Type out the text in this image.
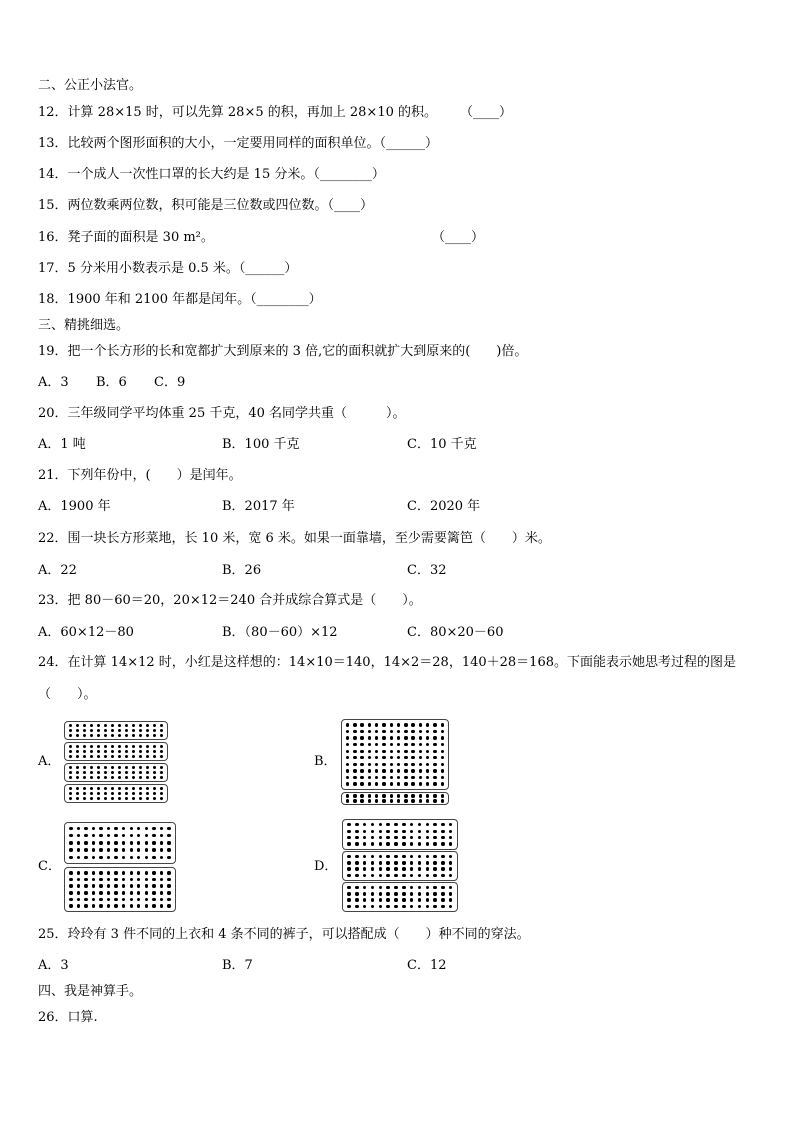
二、公正小法官。
12．计算 28×15 时，可以先算 28×5 的积，再加上 28×10 的积。 （____）
13．比较两个图形面积的大小，一定要用同样的面积单位。（______）
14．一个成人一次性口罩的长大约是 15 分米。（________）
15．两位数乘两位数，积可能是三位数或四位数。（____）
16．凳子面的面积是 30 m²。	（____）
17．5 分米用小数表示是 0.5 米。（______）
18．1900 年和 2100 年都是闰年。（________）
三、精挑细选。
19．把一个长方形的长和宽都扩大到原来的 3 倍,它的面积就扩大到原来的(　　)倍。
A．3 B．6 C．9
20．三年级同学平均体重 25 千克，40 名同学共重（　　　）。
A．1 吨	B．100 千克	C．10 千克
21．下列年份中，(　　）是闰年。
A．1900 年	B．2017 年	C．2020 年
22．围一块长方形菜地，长 10 米，宽 6 米。如果一面靠墙，至少需要篱笆（　　）米。
A．22	B．26	C．32
23．把 80－60＝20，20×12＝240 合并成综合算式是（　　）。
A．60×12－80	B．（80－60）×12	C．80×20－60
24．在计算 14×12 时，小红是这样想的：14×10＝140，14×2＝28，140＋28＝168。下面能表示她思考过程的图是
（　　）。
A．	B．
C．	D．
25．玲玲有 3 件不同的上衣和 4 条不同的裤子，可以搭配成（　　）种不同的穿法。
A．3	B．7	C．12
四、我是神算手。
26．口算.
